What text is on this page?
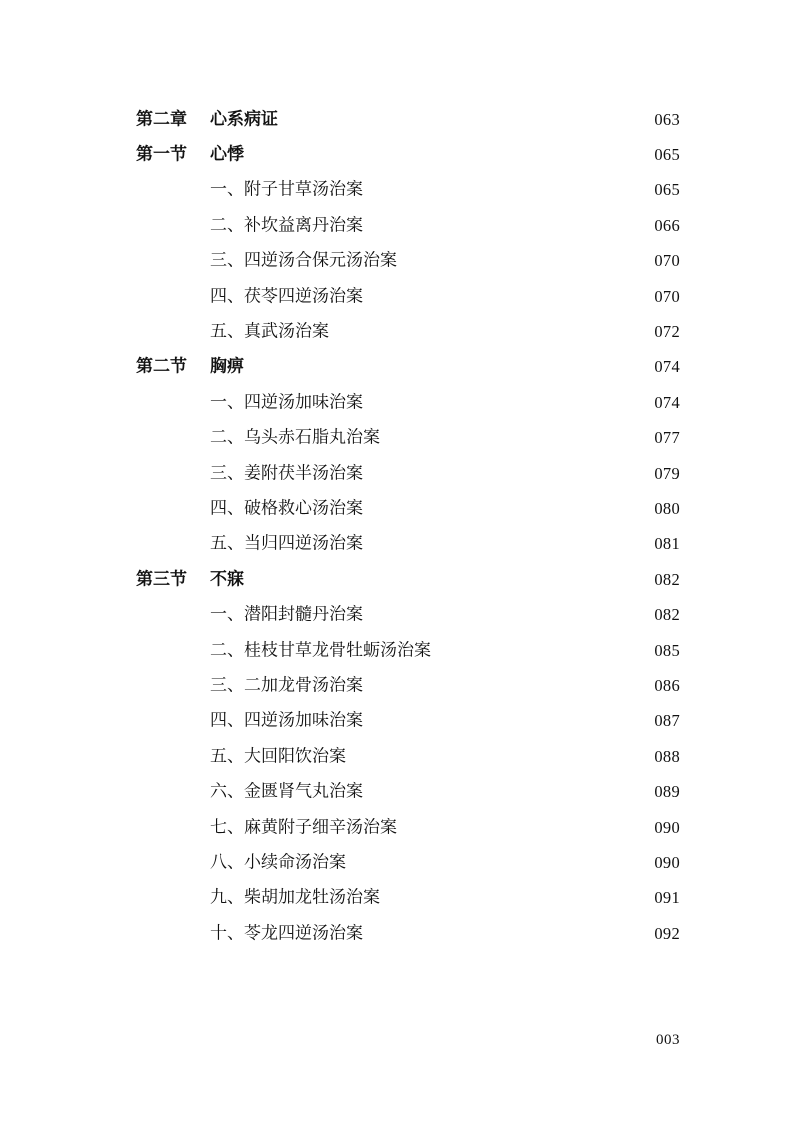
第二章 心系病证	063
第一节 心悸	065
一、附子甘草汤治案	065
二、补坎益离丹治案	066
三、四逆汤合保元汤治案	070
四、茯苓四逆汤治案	070
五、真武汤治案	072
第二节 胸痹	074
一、四逆汤加味治案	074
二、乌头赤石脂丸治案	077
三、姜附茯半汤治案	079
四、破格救心汤治案	080
五、当归四逆汤治案	081
第三节 不寐	082
一、潜阳封髓丹治案	082
二、桂枝甘草龙骨牡蛎汤治案	085
三、二加龙骨汤治案	086
四、四逆汤加味治案	087
五、大回阳饮治案	088
六、金匮肾气丸治案	089
七、麻黄附子细辛汤治案	090
八、小续命汤治案	090
九、柴胡加龙牡汤治案	091
十、苓龙四逆汤治案	092
003
